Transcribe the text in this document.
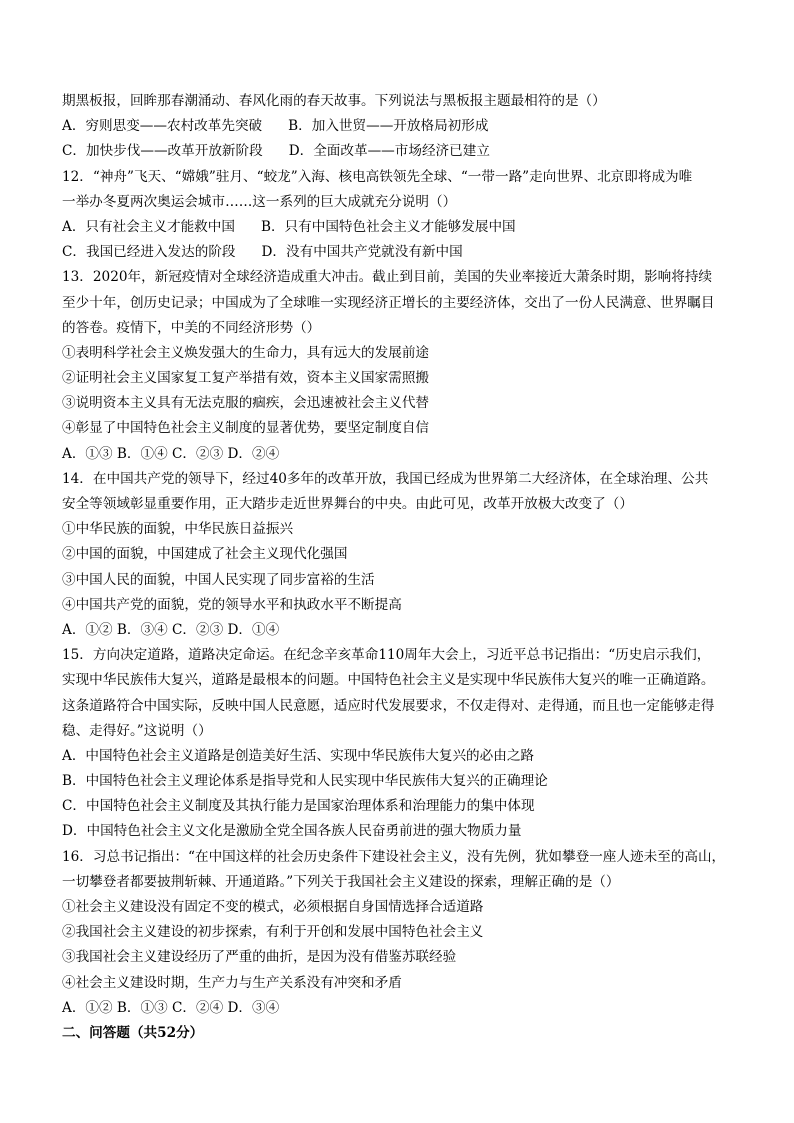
期黑板报，回眸那春潮涌动、春风化雨的春天故事。下列说法与黑板报主题最相符的是（）
A．穷则思变——农村改革先突破 B．加入世贸——开放格局初形成
C．加快步伐——改革开放新阶段 D．全面改革——市场经济已建立
12．“神舟”飞天、“嫦娥”驻月、“蛟龙”入海、核电高铁领先全球、“一带一路”走向世界、北京即将成为唯
一举办冬夏两次奥运会城市……这一系列的巨大成就充分说明（）
A．只有社会主义才能救中国 B．只有中国特色社会主义才能够发展中国
C．我国已经进入发达的阶段 D．没有中国共产党就没有新中国
13．2020年，新冠疫情对全球经济造成重大冲击。截止到目前，美国的失业率接近大萧条时期，影响将持续
至少十年，创历史记录；中国成为了全球唯一实现经济正增长的主要经济体，交出了一份人民满意、世界瞩目
的答卷。疫情下，中美的不同经济形势（）
①表明科学社会主义焕发强大的生命力，具有远大的发展前途
②证明社会主义国家复工复产举措有效，资本主义国家需照搬
③说明资本主义具有无法克服的痼疾，会迅速被社会主义代替
④彰显了中国特色社会主义制度的显著优势，要坚定制度自信
A．①③ B．①④ C．②③ D．②④
14．在中国共产党的领导下，经过40多年的改革开放，我国已经成为世界第二大经济体，在全球治理、公共
安全等领域彰显重要作用，正大踏步走近世界舞台的中央。由此可见，改革开放极大改变了（）
①中华民族的面貌，中华民族日益振兴
②中国的面貌，中国建成了社会主义现代化强国
③中国人民的面貌，中国人民实现了同步富裕的生活
④中国共产党的面貌，党的领导水平和执政水平不断提高
A．①② B．③④ C．②③ D．①④
15．方向决定道路，道路决定命运。在纪念辛亥革命110周年大会上，习近平总书记指出：“历史启示我们，
实现中华民族伟大复兴，道路是最根本的问题。中国特色社会主义是实现中华民族伟大复兴的唯一正确道路。
这条道路符合中国实际，反映中国人民意愿，适应时代发展要求，不仅走得对、走得通，而且也一定能够走得
稳、走得好。”这说明（）
A．中国特色社会主义道路是创造美好生活、实现中华民族伟大复兴的必由之路
B．中国特色社会主义理论体系是指导党和人民实现中华民族伟大复兴的正确理论
C．中国特色社会主义制度及其执行能力是国家治理体系和治理能力的集中体现
D．中国特色社会主义文化是激励全党全国各族人民奋勇前进的强大物质力量
16．习总书记指出：“在中国这样的社会历史条件下建设社会主义，没有先例，犹如攀登一座人迹未至的高山，
一切攀登者都要披荆斩棘、开通道路。”下列关于我国社会主义建设的探索，理解正确的是（）
①社会主义建设没有固定不变的模式，必须根据自身国情选择合适道路
②我国社会主义建设的初步探索，有利于开创和发展中国特色社会主义
③我国社会主义建设经历了严重的曲折，是因为没有借鉴苏联经验
④社会主义建设时期，生产力与生产关系没有冲突和矛盾
A．①② B．①③ C．②④ D．③④
二、问答题（共52分）
